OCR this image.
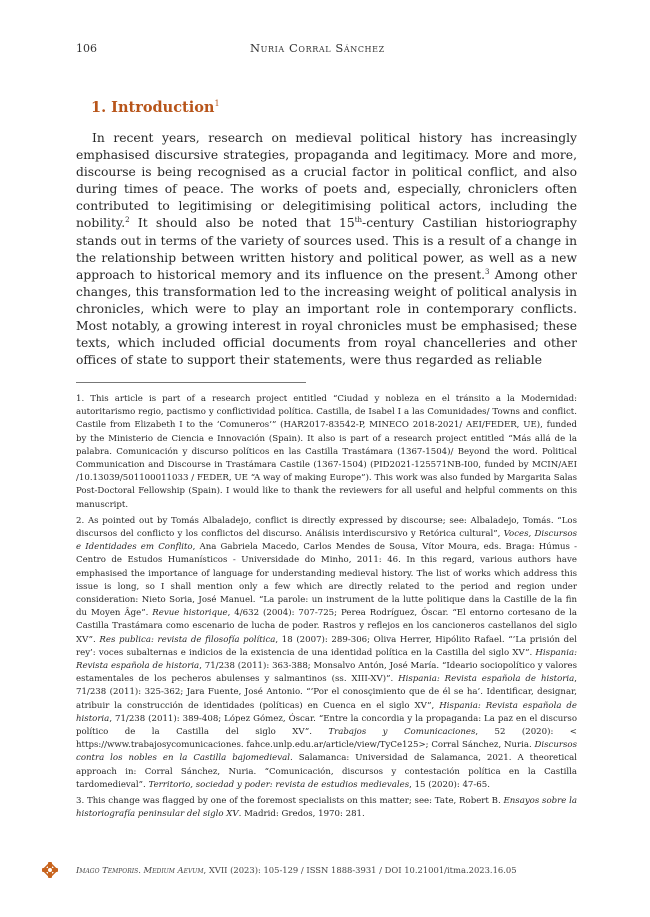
106	Nuria Corral Sánchez
1. Introduction$^1$

In recent years, research on medieval political history has increasingly emphasised discursive strategies, propaganda and legitimacy. More and more, discourse is being recognised as a crucial factor in political conflict, and also during times of peace. The works of poets and, especially, chroniclers often contributed to legitimising or delegitimising political actors, including the nobility.$^2$ It should also be noted that 15th-century Castilian historiography stands out in terms of the variety of sources used. This is a result of a change in the relationship between written history and political power, as well as a new approach to historical memory and its influence on the present.$^3$ Among other changes, this transformation led to the increasing weight of political analysis in chronicles, which were to play an important role in contemporary conflicts. Most notably, a growing interest in royal chronicles must be emphasised; these texts, which included official documents from royal chancelleries and other offices of state to support their statements, were thus regarded as reliable

1. This article is part of a research project entitled “Ciudad y nobleza en el tránsito a la Modernidad: autoritarismo regio, pactismo y conflictividad política. Castilla, de Isabel I a las Comunidades/ Towns and conflict. Castile from Elizabeth I to the ‘Comuneros’” (HAR2017-83542-P, MINECO 2018-2021/ AEI/FEDER, UE), funded by the Ministerio de Ciencia e Innovación (Spain). It also is part of a research project entitled “Más allá de la palabra. Comunicación y discurso políticos en las Castilla Trastámara (1367-1504)/ Beyond the word. Political Communication and Discourse in Trastámara Castile (1367-1504) (PID2021-125571NB-I00, funded by MCIN/AEI /10.13039/501100011033 / FEDER, UE “A way of making Europe”). This work was also funded by Margarita Salas Post-Doctoral Fellowship (Spain). I would like to thank the reviewers for all useful and helpful comments on this manuscript.

2. As pointed out by Tomás Albaladejo, conflict is directly expressed by discourse; see: Albaladejo, Tomás. “Los discursos del conflicto y los conflictos del discurso. Análisis interdiscursivo y Retórica cultural”, Voces, Discursos e Identidades em Conflito, Ana Gabriela Macedo, Carlos Mendes de Sousa, Vítor Moura, eds. Braga: Húmus - Centro de Estudos Humanísticos - Universidade do Minho, 2011: 46. In this regard, various authors have emphasised the importance of language for understanding medieval history. The list of works which address this issue is long, so I shall mention only a few which are directly related to the period and region under consideration: Nieto Soria, José Manuel. “La parole: un instrument de la lutte politique dans la Castille de la fin du Moyen Âge”. Revue historique, 4/632 (2004): 707-725; Perea Rodríguez, Óscar. “El entorno cortesano de la Castilla Trastámara como escenario de lucha de poder. Rastros y reflejos en los cancioneros castellanos del siglo XV”. Res publica: revista de filosofía política, 18 (2007): 289-306; Oliva Herrer, Hipólito Rafael. “’La prisión del rey’: voces subalternas e indicios de la existencia de una identidad política en la Castilla del siglo XV”. Hispania: Revista española de historia, 71/238 (2011): 363-388; Monsalvo Antón, José María. “Ideario sociopolítico y valores estamentales de los pecheros abulenses y salmantinos (ss. XIII-XV)”. Hispania: Revista española de historia, 71/238 (2011): 325-362; Jara Fuente, José Antonio. “’Por el conosçimiento que de él se ha’. Identificar, designar, atribuir la construcción de identidades (políticas) en Cuenca en el siglo XV”, Hispania: Revista española de historia, 71/238 (2011): 389-408; López Gómez, Óscar. “Entre la concordia y la propaganda: La paz en el discurso político de la Castilla del siglo XV”. Trabajos y Comunicaciones, 52 (2020): < https://www.trabajosycomunicaciones. fahce.unlp.edu.ar/article/view/TyCe125>; Corral Sánchez, Nuria. Discursos contra los nobles en la Castilla bajomedieval. Salamanca: Universidad de Salamanca, 2021. A theoretical approach in: Corral Sánchez, Nuria. “Comunicación, discursos y contestación política en la Castilla tardomedieval”. Territorio, sociedad y poder: revista de estudios medievales, 15 (2020): 47-65.

3. This change was flagged by one of the foremost specialists on this matter; see: Tate, Robert B. Ensayos sobre la historiografía peninsular del siglo XV. Madrid: Gredos, 1970: 281.

Imago Temporis. Medium Aevum, XVII (2023): 105-129 / ISSN 1888-3931 / DOI 10.21001/itma.2023.16.05
